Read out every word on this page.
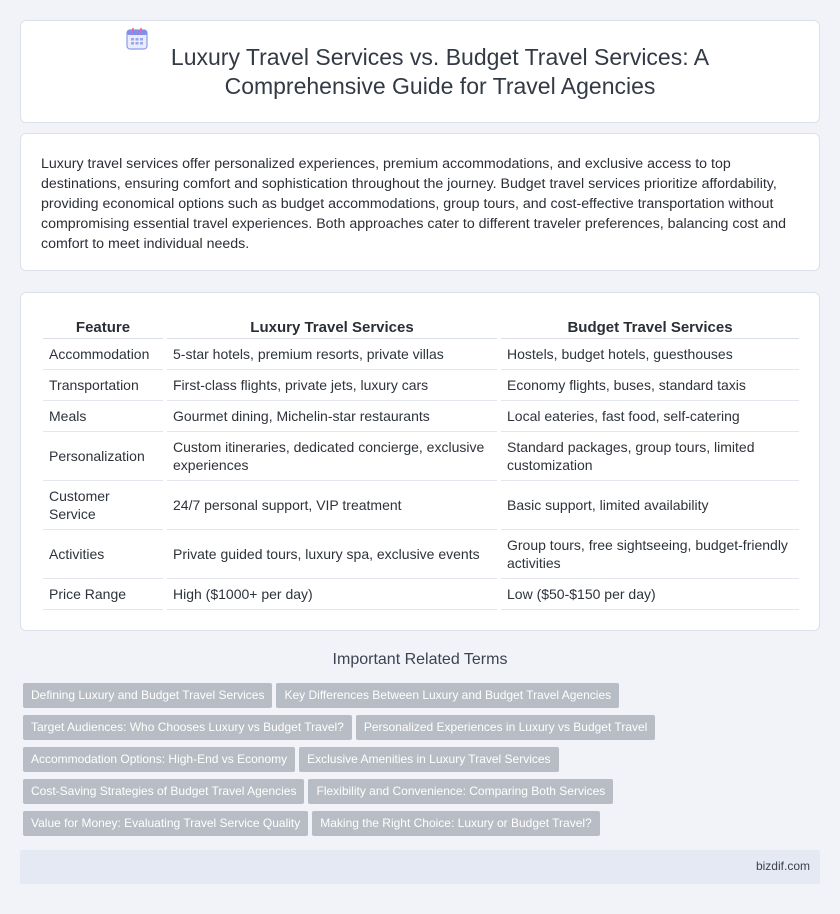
Luxury Travel Services vs. Budget Travel Services: A Comprehensive Guide for Travel Agencies

Luxury travel services offer personalized experiences, premium accommodations, and exclusive access to top destinations, ensuring comfort and sophistication throughout the journey. Budget travel services prioritize affordability, providing economical options such as budget accommodations, group tours, and cost-effective transportation without compromising essential travel experiences. Both approaches cater to different traveler preferences, balancing cost and comfort to meet individual needs.

Feature	Luxury Travel Services	Budget Travel Services
Accommodation	5-star hotels, premium resorts, private villas	Hostels, budget hotels, guesthouses
Transportation	First-class flights, private jets, luxury cars	Economy flights, buses, standard taxis
Meals	Gourmet dining, Michelin-star restaurants	Local eateries, fast food, self-catering
Personalization	Custom itineraries, dedicated concierge, exclusive experiences	Standard packages, group tours, limited customization
Customer Service	24/7 personal support, VIP treatment	Basic support, limited availability
Activities	Private guided tours, luxury spa, exclusive events	Group tours, free sightseeing, budget-friendly activities
Price Range	High ($1000+ per day)	Low ($50-$150 per day)
Important Related Terms
Defining Luxury and Budget Travel Services Key Differences Between Luxury and Budget Travel Agencies
Target Audiences: Who Chooses Luxury vs Budget Travel? Personalized Experiences in Luxury vs Budget Travel
Accommodation Options: High-End vs Economy Exclusive Amenities in Luxury Travel Services
Cost-Saving Strategies of Budget Travel Agencies Flexibility and Convenience: Comparing Both Services
Value for Money: Evaluating Travel Service Quality Making the Right Choice: Luxury or Budget Travel?
bizdif.com
